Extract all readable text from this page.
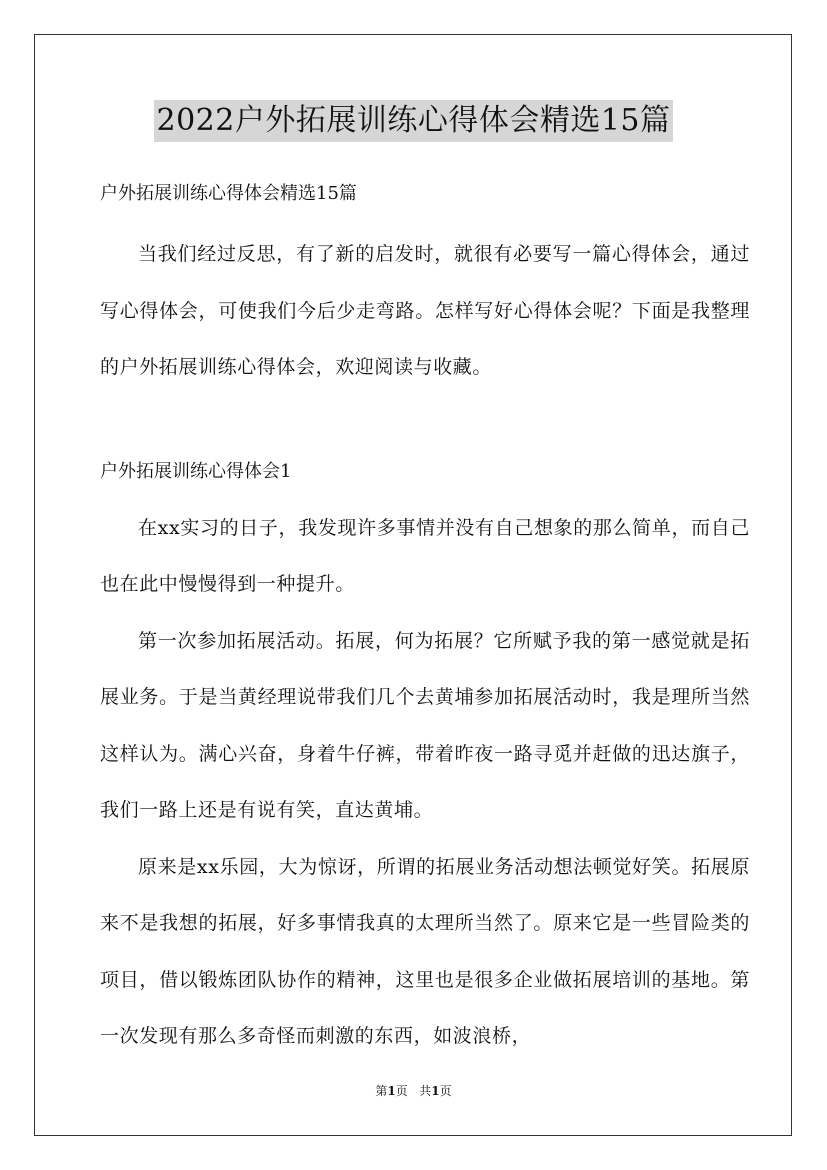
2022户外拓展训练心得体会精选15篇

户外拓展训练心得体会精选15篇

当我们经过反思，有了新的启发时，就很有必要写一篇心得体会，通过写心得体会，可使我们今后少走弯路。怎样写好心得体会呢？下面是我整理的户外拓展训练心得体会，欢迎阅读与收藏。

户外拓展训练心得体会1

在xx实习的日子，我发现许多事情并没有自己想象的那么简单，而自己也在此中慢慢得到一种提升。

第一次参加拓展活动。拓展，何为拓展？它所赋予我的第一感觉就是拓展业务。于是当黄经理说带我们几个去黄埔参加拓展活动时，我是理所当然这样认为。满心兴奋，身着牛仔裤，带着昨夜一路寻觅并赶做的迅达旗子，我们一路上还是有说有笑，直达黄埔。

原来是xx乐园，大为惊讶，所谓的拓展业务活动想法顿觉好笑。拓展原来不是我想的拓展，好多事情我真的太理所当然了。原来它是一些冒险类的项目，借以锻炼团队协作的精神，这里也是很多企业做拓展培训的基地。第一次发现有那么多奇怪而刺激的东西，如波浪桥，

第1页 共1页
